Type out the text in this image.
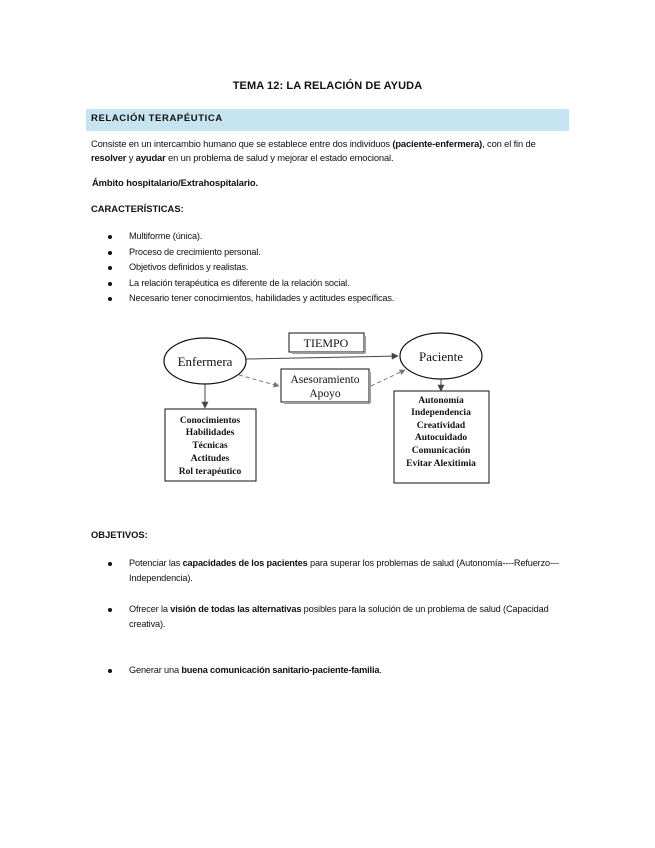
TEMA 12: LA RELACIÓN DE AYUDA
RELACIÓN TERAPÉUTICA
Consiste en un intercambio humano que se establece entre dos individuos (paciente-enfermera), con el fin de resolver y ayudar en un problema de salud y mejorar el estado emocional.
Ámbito hospitalario/Extrahospitalario.
CARACTERÍSTICAS:
Multiforme (única).
Proceso de crecimiento personal.
Objetivos definidos y realistas.
La relación terapéutica es diferente de la relación social.
Necesario tener conocimientos, habilidades y actitudes específicas.
Enfermera	Paciente
TIEMPO
Asesoramiento
Apoyo
Conocimientos
Habilidades
Técnicas
Actitudes
Rol terapéutico
Autonomía
Independencia
Creatividad
Autocuidado
Comunicación
Evitar Alexitimia
OBJETIVOS:
Potenciar las capacidades de los pacientes para superar los problemas de salud (Autonomía----Refuerzo---Independencia).
Ofrecer la visión de todas las alternativas posibles para la solución de un problema de salud (Capacidad creativa).
Generar una buena comunicación sanitario-paciente-familia.
